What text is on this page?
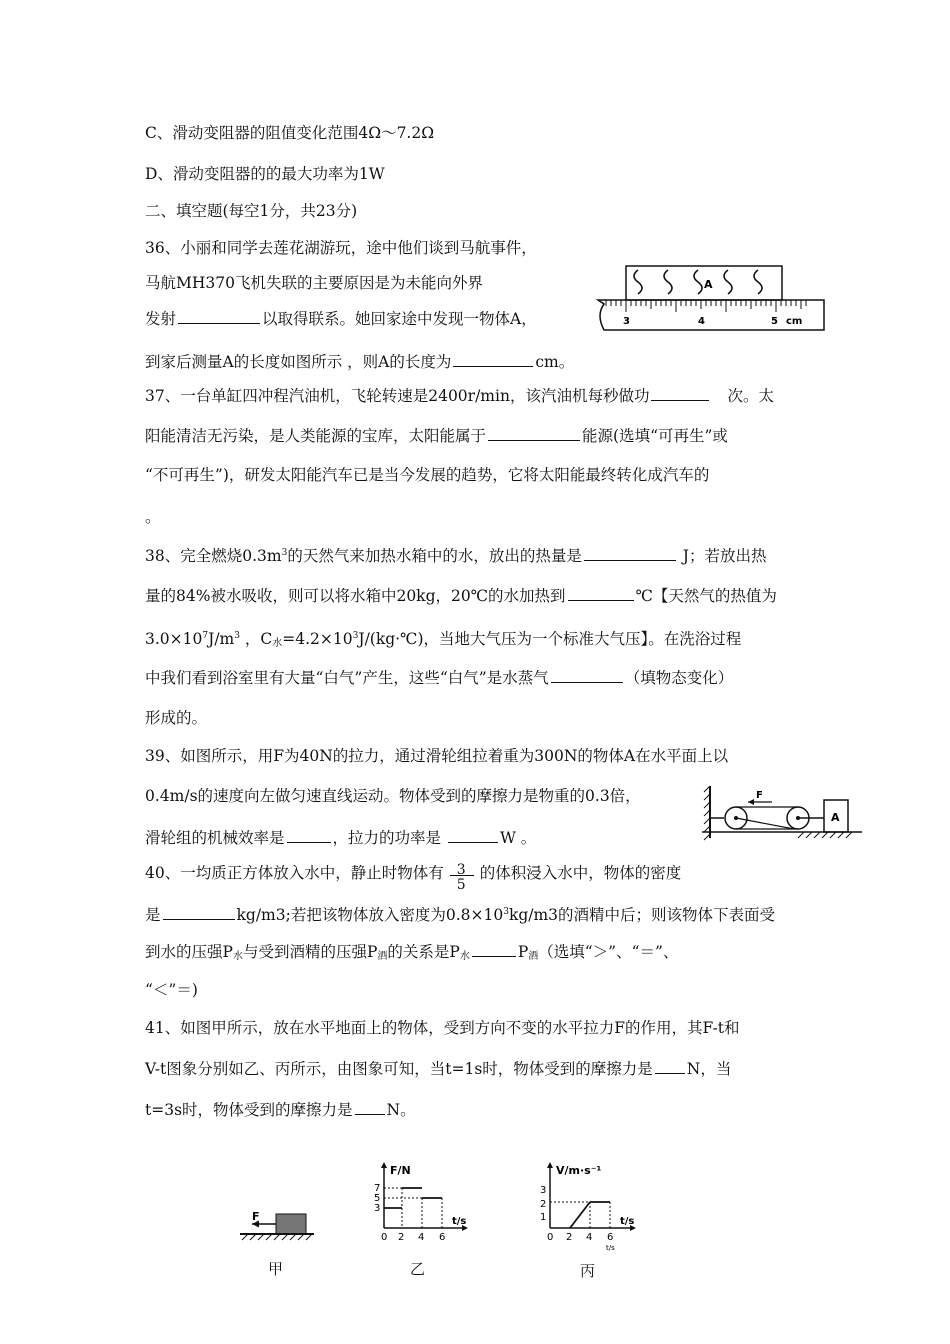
C、滑动变阻器的阻值变化范围4Ω～7.2Ω
D、滑动变阻器的的最大功率为1W
二、填空题(每空1分，共23分)
36、小丽和同学去莲花湖游玩，途中他们谈到马航事件，
马航MH370飞机失联的主要原因是为未能向外界
发射	以取得联系。她回家途中发现一物体A，
到家后测量A的长度如图所示 ，则A的长度为	cm。
A
3	4	5 cm
37、一台单缸四冲程汽油机，飞轮转速是2400r/min，该汽油机每秒做功	次。太
阳能清洁无污染，是人类能源的宝库，太阳能属于	能源(选填“可再生”或
“不可再生”)，研发太阳能汽车已是当今发展的趋势，它将太阳能最终转化成汽车的
。
38、完全燃烧$0.3m^3$的天然气来加热水箱中的水，放出的热量是	J；若放出热
量的84%被水吸收，则可以将水箱中20kg，20℃的水加热到	℃【天然气的热值为
$3.0\times 10^7J/m^3$ ，$C_水=4.2\times 10^3J/(kg\cdot℃)$，当地大气压为一个标准大气压】。在洗浴过程
中我们看到浴室里有大量“白气”产生，这些“白气”是水蒸气	（填物态变化）
形成的。
39、如图所示，用F为40N的拉力，通过滑轮组拉着重为300N的物体A在水平面上以
0.4m/s的速度向左做匀速直线运动。物体受到的摩擦力是物重的0.3倍，
滑轮组的机械效率是	，拉力的功率是	W 。
F
A
40、一均质正方体放入水中，静止时物体有 3
5
的体积浸入水中，物体的密度
是	kg/m3;若把该物体放入密度为$0.8\times 10^3kg/m3$的酒精中后；则该物体下表面受
到水的压强$P_水$与受到酒精的压强$P_酒$的关系是$P_水$	$P_酒$（选填“＞”、“＝”、
“＜”＝)
41、如图甲所示，放在水平地面上的物体，受到方向不变的水平拉力F的作用，其F-t和
V-t图象分别如乙、丙所示，由图象可知，当t=1s时，物体受到的摩擦力是 N，当
t=3s时，物体受到的摩擦力是 N。
F
甲
F/N
t/s
7
5
3
0 2 4 6
乙
V/m·s⁻¹
t/s
3
2
1
0 2 4 6
t/s
丙
